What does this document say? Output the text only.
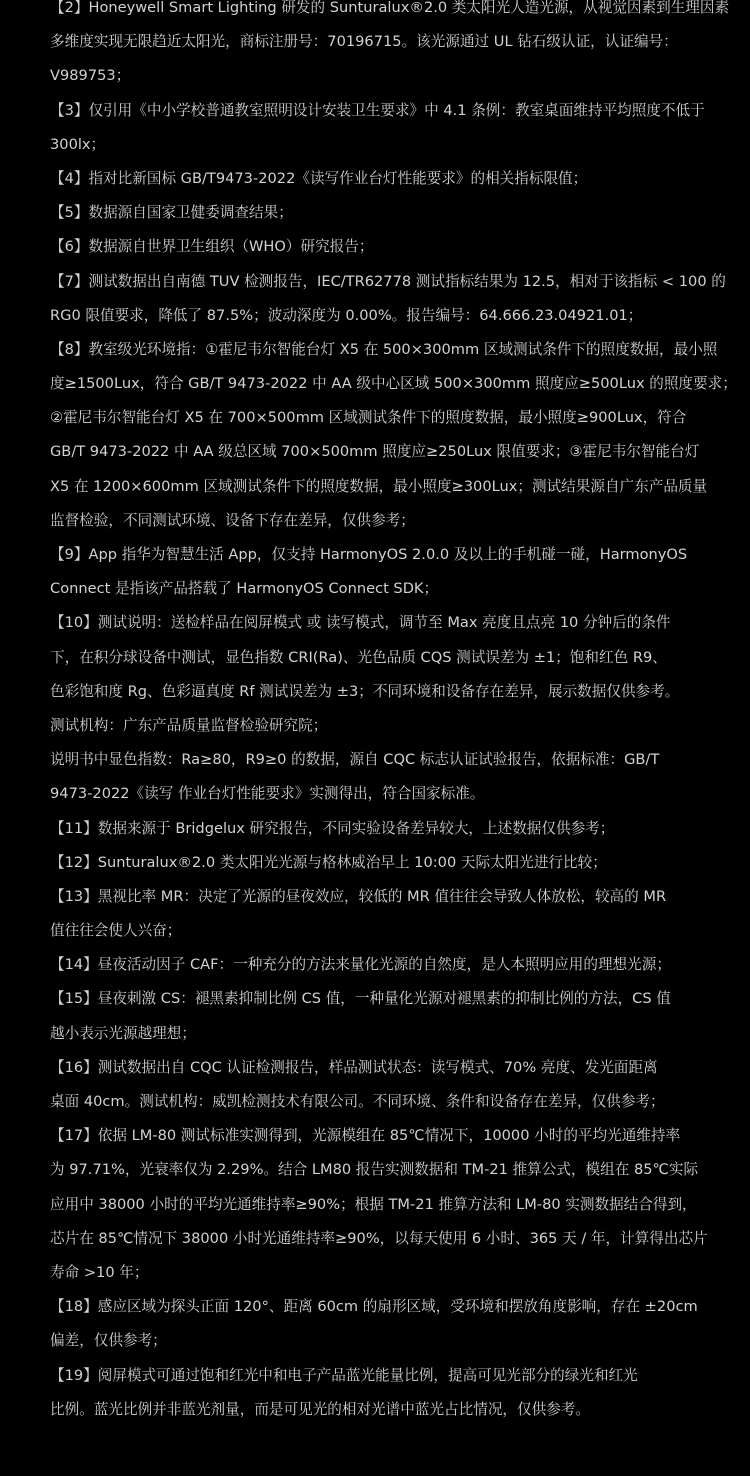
【2】Honeywell Smart Lighting 研发的 Sunturalux®2.0 类太阳光人造光源，从视觉因素到生理因素
多维度实现无限趋近太阳光，商标注册号：70196715。该光源通过 UL 钻石级认证，认证编号：
V989753；
【3】仅引用《中小学校普通教室照明设计安装卫生要求》中 4.1 条例：教室桌面维持平均照度不低于
300lx；
【4】指对比新国标 GB/T9473-2022《读写作业台灯性能要求》的相关指标限值；
【5】数据源自国家卫健委调查结果；
【6】数据源自世界卫生组织（WHO）研究报告；
【7】测试数据出自南德 TUV 检测报告，IEC/TR62778 测试指标结果为 12.5，相对于该指标 < 100 的
RG0 限值要求，降低了 87.5%；波动深度为 0.00%。报告编号：64.666.23.04921.01；
【8】教室级光环境指：①霍尼韦尔智能台灯 X5 在 500×300mm 区域测试条件下的照度数据，最小照
度≥1500Lux，符合 GB/T 9473-2022 中 AA 级中心区域 500×300mm 照度应≥500Lux 的照度要求；
②霍尼韦尔智能台灯 X5 在 700×500mm 区域测试条件下的照度数据，最小照度≥900Lux，符合
GB/T 9473-2022 中 AA 级总区域 700×500mm 照度应≥250Lux 限值要求；③霍尼韦尔智能台灯
X5 在 1200×600mm 区域测试条件下的照度数据，最小照度≥300Lux；测试结果源自广东产品质量
监督检验，不同测试环境、设备下存在差异，仅供参考；
【9】App 指华为智慧生活 App，仅支持 HarmonyOS 2.0.0 及以上的手机碰一碰，HarmonyOS
Connect 是指该产品搭载了 HarmonyOS Connect SDK；
【10】测试说明：送检样品在阅屏模式 或 读写模式，调节至 Max 亮度且点亮 10 分钟后的条件
下，在积分球设备中测试，显色指数 CRI(Ra)、光色品质 CQS 测试误差为 ±1；饱和红色 R9、
色彩饱和度 Rg、色彩逼真度 Rf 测试误差为 ±3；不同环境和设备存在差异，展示数据仅供参考。
测试机构：广东产品质量监督检验研究院；
说明书中显色指数：Ra≥80，R9≥0 的数据，源自 CQC 标志认证试验报告，依据标准：GB/T
9473-2022《读写 作业台灯性能要求》实测得出，符合国家标准。
【11】数据来源于 Bridgelux 研究报告，不同实验设备差异较大，上述数据仅供参考；
【12】Sunturalux®2.0 类太阳光光源与格林威治早上 10:00 天际太阳光进行比较；
【13】黑视比率 MR：决定了光源的昼夜效应，较低的 MR 值往往会导致人体放松，较高的 MR
值往往会使人兴奋；
【14】昼夜活动因子 CAF：一种充分的方法来量化光源的自然度，是人本照明应用的理想光源；
【15】昼夜刺激 CS：褪黑素抑制比例 CS 值，一种量化光源对褪黑素的抑制比例的方法，CS 值
越小表示光源越理想；
【16】测试数据出自 CQC 认证检测报告，样品测试状态：读写模式、70% 亮度、发光面距离
桌面 40cm。测试机构：威凯检测技术有限公司。不同环境、条件和设备存在差异，仅供参考；
【17】依据 LM-80 测试标准实测得到，光源模组在 85℃情况下，10000 小时的平均光通维持率
为 97.71%，光衰率仅为 2.29%。结合 LM80 报告实测数据和 TM-21 推算公式，模组在 85℃实际
应用中 38000 小时的平均光通维持率≥90%；根据 TM-21 推算方法和 LM-80 实测数据结合得到，
芯片在 85℃情况下 38000 小时光通维持率≥90%，以每天使用 6 小时、365 天 / 年，计算得出芯片
寿命 >10 年；
【18】感应区域为探头正面 120°、距离 60cm 的扇形区域，受环境和摆放角度影响，存在 ±20cm
偏差，仅供参考；
【19】阅屏模式可通过饱和红光中和电子产品蓝光能量比例，提高可见光部分的绿光和红光
比例。蓝光比例并非蓝光剂量，而是可见光的相对光谱中蓝光占比情况，仅供参考。
